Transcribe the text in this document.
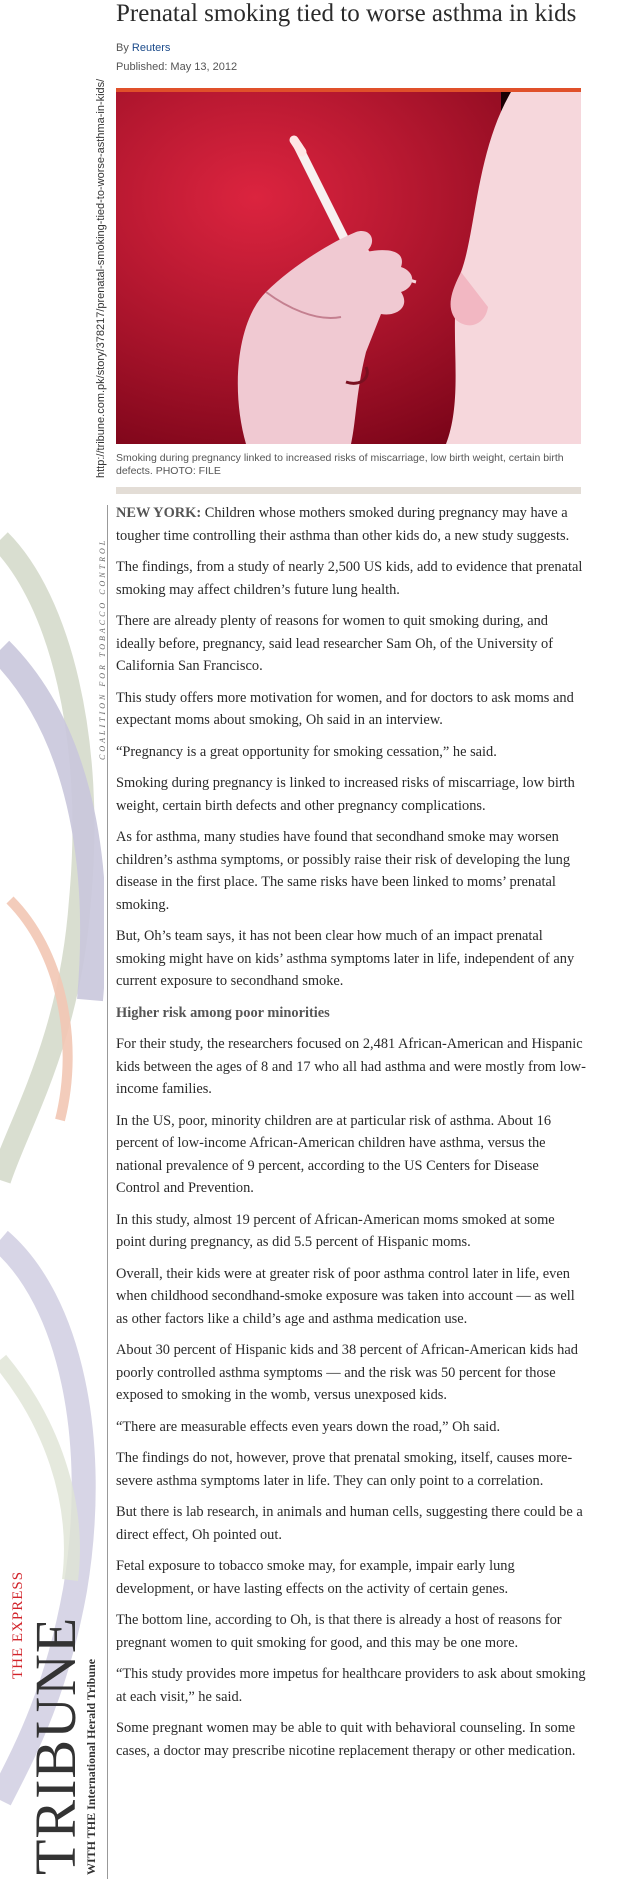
http://tribune.com.pk/story/378217/prenatal-smoking-tied-to-worse-asthma-in-kids/
COALITION FOR TOBACCO CONTROL
Prenatal smoking tied to worse asthma in kids
By Reuters
Published: May 13, 2012
Smoking during pregnancy linked to increased risks of miscarriage, low birth weight, certain birth defects. PHOTO: FILE

NEW YORK: Children whose mothers smoked during pregnancy may have a tougher time controlling their asthma than other kids do, a new study suggests.

The findings, from a study of nearly 2,500 US kids, add to evidence that prenatal smoking may affect children’s future lung health.

There are already plenty of reasons for women to quit smoking during, and ideally before, pregnancy, said lead researcher Sam Oh, of the University of California San Francisco.

This study offers more motivation for women, and for doctors to ask moms and expectant moms about smoking, Oh said in an interview.

“Pregnancy is a great opportunity for smoking cessation,” he said.

Smoking during pregnancy is linked to increased risks of miscarriage, low birth weight, certain birth defects and other pregnancy complications.

As for asthma, many studies have found that secondhand smoke may worsen children’s asthma symptoms, or possibly raise their risk of developing the lung disease in the first place. The same risks have been linked to moms’ prenatal smoking.

But, Oh’s team says, it has not been clear how much of an impact prenatal smoking might have on kids’ asthma symptoms later in life, independent of any current exposure to secondhand smoke.

Higher risk among poor minorities

For their study, the researchers focused on 2,481 African-American and Hispanic kids between the ages of 8 and 17 who all had asthma and were mostly from low-income families.

In the US, poor, minority children are at particular risk of asthma. About 16 percent of low-income African-American children have asthma, versus the national prevalence of 9 percent, according to the US Centers for Disease Control and Prevention.

In this study, almost 19 percent of African-American moms smoked at some point during pregnancy, as did 5.5 percent of Hispanic moms.

Overall, their kids were at greater risk of poor asthma control later in life, even when childhood secondhand-smoke exposure was taken into account — as well as other factors like a child’s age and asthma medication use.

About 30 percent of Hispanic kids and 38 percent of African-American kids had poorly controlled asthma symptoms — and the risk was 50 percent for those exposed to smoking in the womb, versus unexposed kids.

“There are measurable effects even years down the road,” Oh said.

The findings do not, however, prove that prenatal smoking, itself, causes more-severe asthma symptoms later in life. They can only point to a correlation.

But there is lab research, in animals and human cells, suggesting there could be a direct effect, Oh pointed out.

Fetal exposure to tobacco smoke may, for example, impair early lung development, or have lasting effects on the activity of certain genes.

The bottom line, according to Oh, is that there is already a host of reasons for pregnant women to quit smoking for good, and this may be one more.

“This study provides more impetus for healthcare providers to ask about smoking at each visit,” he said.

Some pregnant women may be able to quit with behavioral counseling. In some cases, a doctor may prescribe nicotine replacement therapy or other medication.

THE EXPRESS
TRIBUNE
WITH THE International Herald Tribune
